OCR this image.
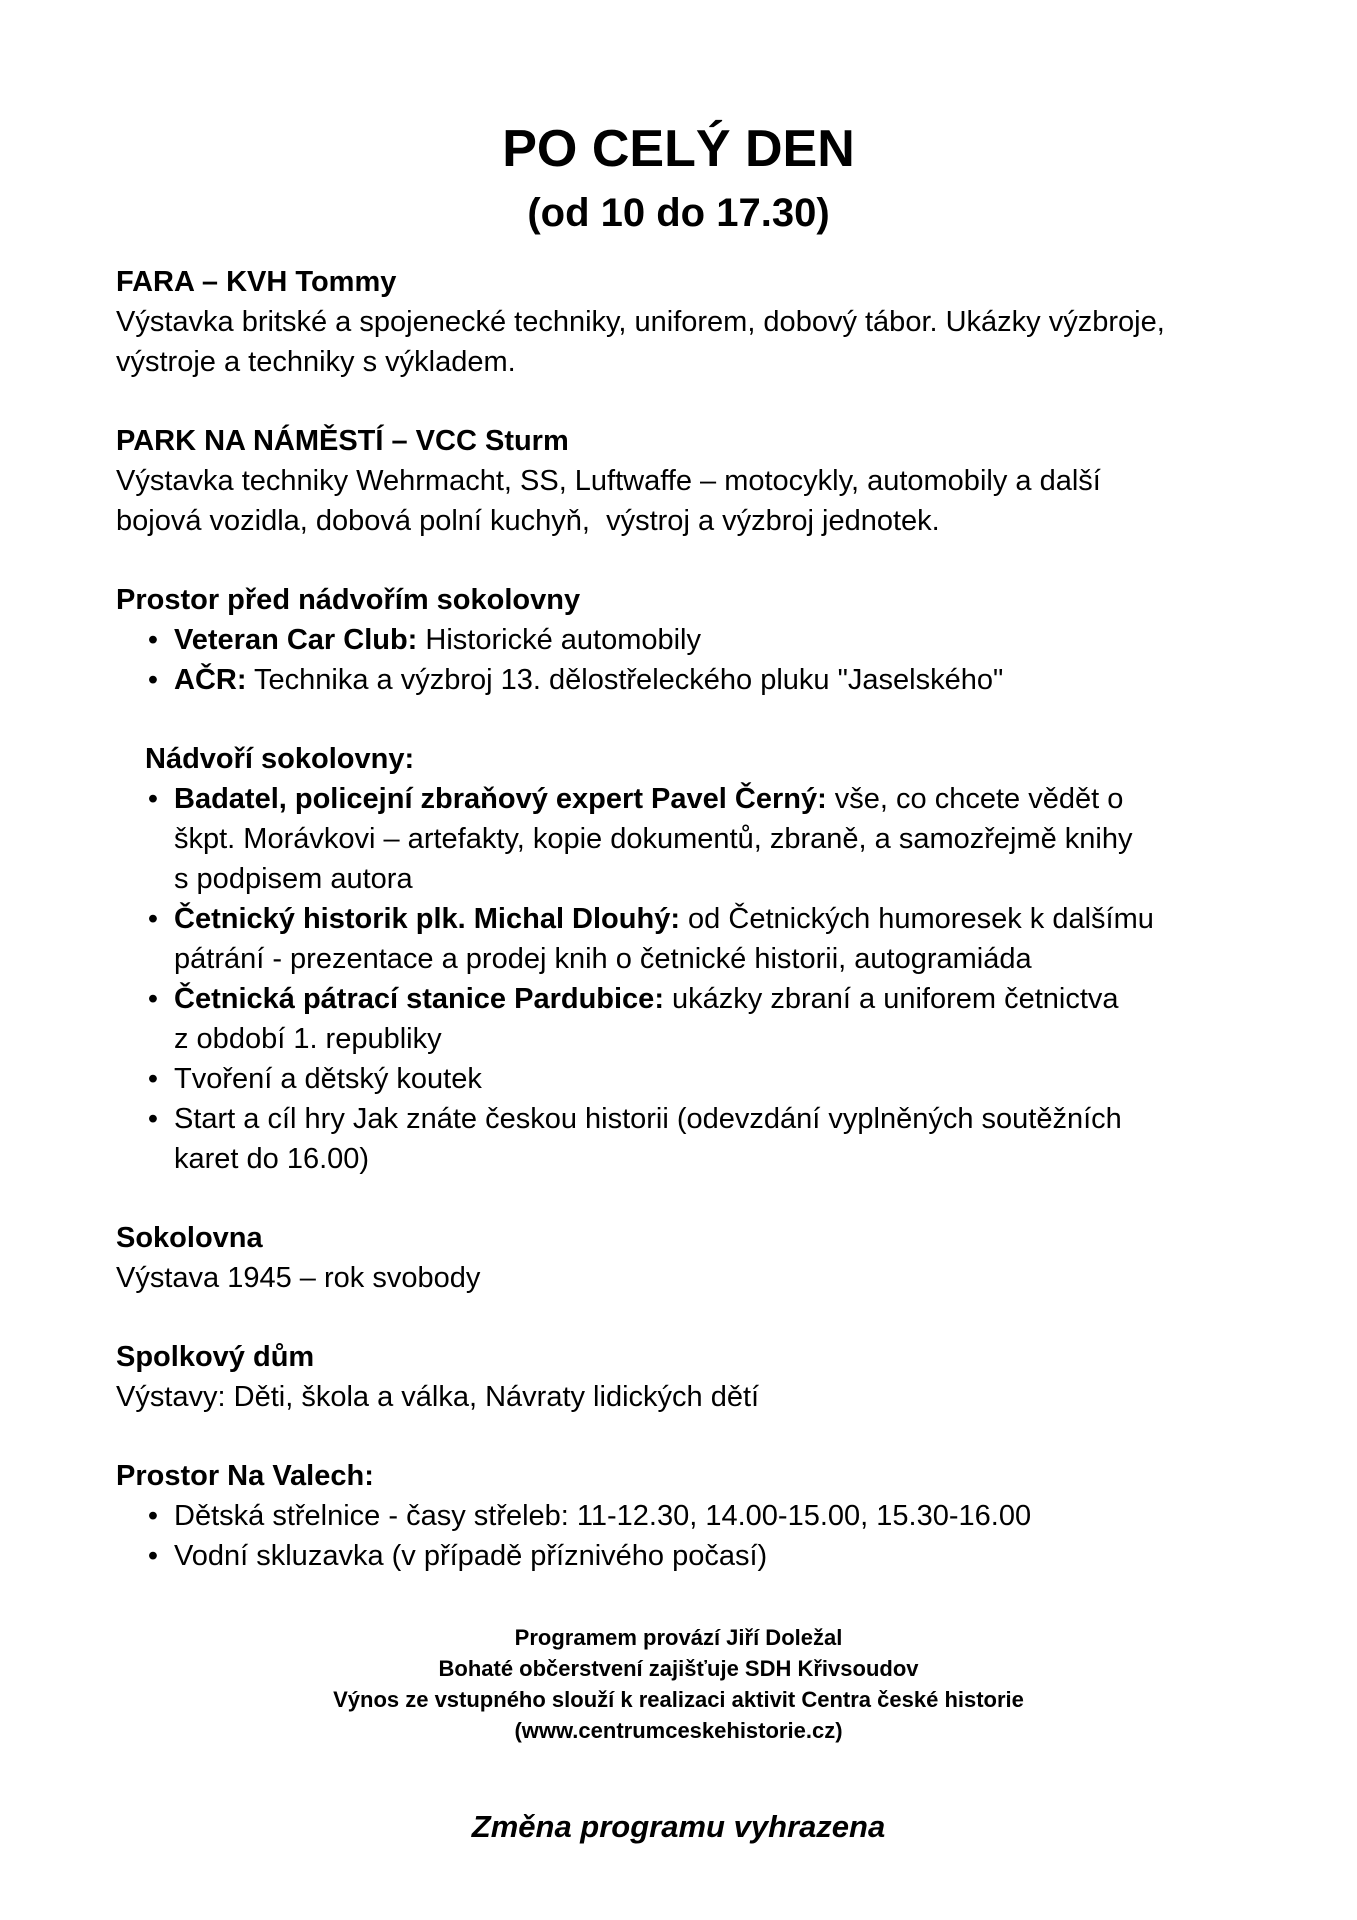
PO CELÝ DEN
(od 10 do 17.30)

FARA – KVH Tommy

Výstavka britské a spojenecké techniky, uniforem, dobový tábor. Ukázky výzbroje,
výstroje a techniky s výkladem.

PARK NA NÁMĚSTÍ – VCC Sturm

Výstavka techniky Wehrmacht, SS, Luftwaffe – motocykly, automobily a další
bojová vozidla, dobová polní kuchyň,  výstroj a výzbroj jednotek.

Prostor před nádvořím sokolovny

• Veteran Car Club: Historické automobily
• AČR: Technika a výzbroj 13. dělostřeleckého pluku "Jaselského"

Nádvoří sokolovny:

• Badatel, policejní zbraňový expert Pavel Černý: vše, co chcete vědět o
škpt. Morávkovi – artefakty, kopie dokumentů, zbraně, a samozřejmě knihy
s podpisem autora
• Četnický historik plk. Michal Dlouhý: od Četnických humoresek k dalšímu
pátrání - prezentace a prodej knih o četnické historii, autogramiáda
• Četnická pátrací stanice Pardubice: ukázky zbraní a uniforem četnictva
z období 1. republiky
• Tvoření a dětský koutek
• Start a cíl hry Jak znáte českou historii (odevzdání vyplněných soutěžních
karet do 16.00)

Sokolovna

Výstava 1945 – rok svobody

Spolkový dům

Výstavy: Děti, škola a válka, Návraty lidických dětí

Prostor Na Valech:

• Dětská střelnice - časy střeleb: 11-12.30, 14.00-15.00, 15.30-16.00
• Vodní skluzavka (v případě příznivého počasí)

Programem provází Jiří Doležal

Bohaté občerstvení zajišťuje SDH Křivsoudov

Výnos ze vstupného slouží k realizaci aktivit Centra české historie

(www.centrumceskehistorie.cz)

Změna programu vyhrazena
